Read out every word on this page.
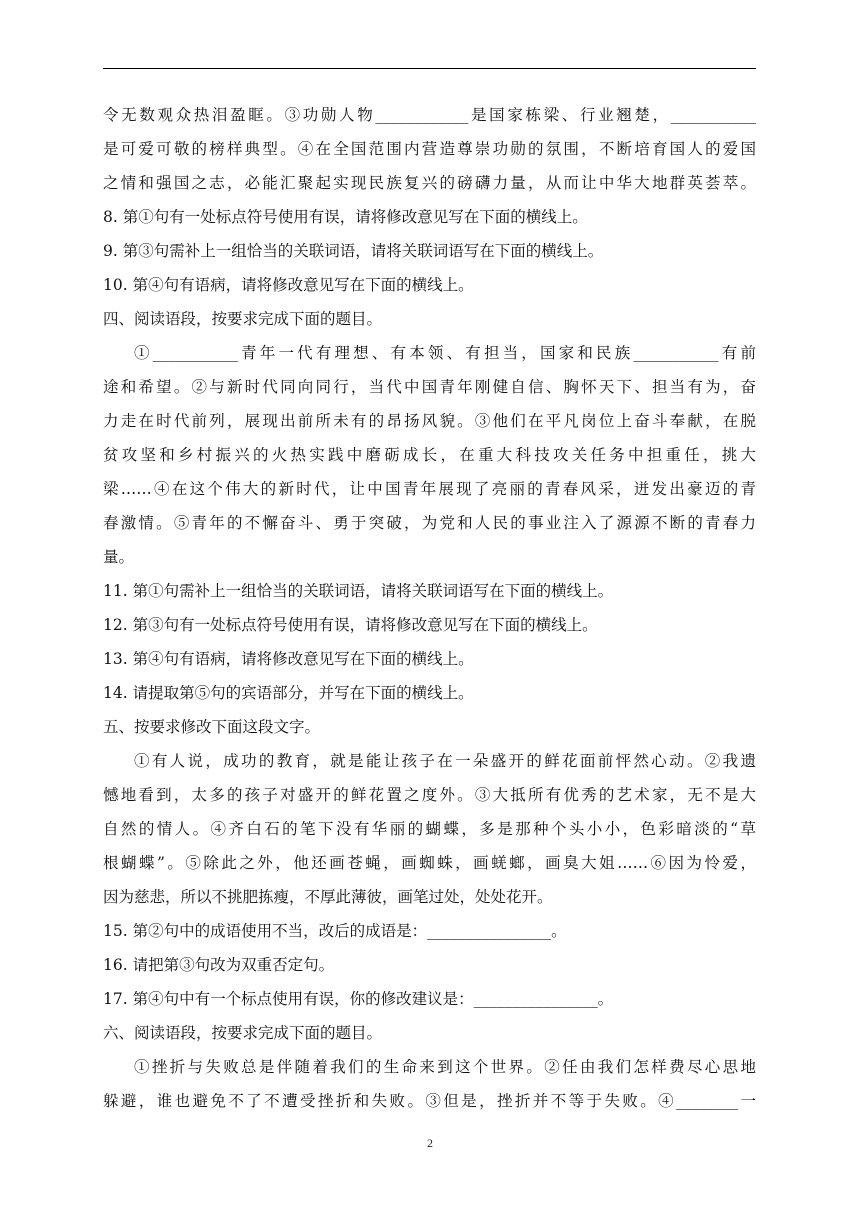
令无数观众热泪盈眶。③功勋人物____________是国家栋梁、行业翘楚，___________
是可爱可敬的榜样典型。④在全国范围内营造尊崇功勋的氛围，不断培育国人的爱国
之情和强国之志，必能汇聚起实现民族复兴的磅礴力量，从而让中华大地群英荟萃。
8. 第①句有一处标点符号使用有误，请将修改意见写在下面的横线上。
9. 第③句需补上一组恰当的关联词语，请将关联词语写在下面的横线上。
10. 第④句有语病，请将修改意见写在下面的横线上。
四、阅读语段，按要求完成下面的题目。
①___________青年一代有理想、有本领、有担当，国家和民族___________有前
途和希望。②与新时代同向同行，当代中国青年刚健自信、胸怀天下、担当有为，奋
力走在时代前列，展现出前所未有的昂扬风貌。③他们在平凡岗位上奋斗奉献，在脱
贫攻坚和乡村振兴的火热实践中磨砺成长，在重大科技攻关任务中担重任，挑大
梁……④在这个伟大的新时代，让中国青年展现了亮丽的青春风采，迸发出豪迈的青
春激情。⑤青年的不懈奋斗、勇于突破，为党和人民的事业注入了源源不断的青春力
量。
11. 第①句需补上一组恰当的关联词语，请将关联词语写在下面的横线上。
12. 第③句有一处标点符号使用有误，请将修改意见写在下面的横线上。
13. 第④句有语病，请将修改意见写在下面的横线上。
14. 请提取第⑤句的宾语部分，并写在下面的横线上。
五、按要求修改下面这段文字。
①有人说，成功的教育，就是能让孩子在一朵盛开的鲜花面前怦然心动。②我遗
憾地看到，太多的孩子对盛开的鲜花置之度外。③大抵所有优秀的艺术家，无不是大
自然的情人。④齐白石的笔下没有华丽的蝴蝶，多是那种个头小小，色彩暗淡的“草
根蝴蝶”。⑤除此之外，他还画苍蝇，画蜘蛛，画蜣螂，画臭大姐……⑥因为怜爱，
因为慈悲，所以不挑肥拣瘦，不厚此薄彼，画笔过处，处处花开。
15. 第②句中的成语使用不当，改后的成语是：________________。
16. 请把第③句改为双重否定句。
17. 第④句中有一个标点使用有误，你的修改建议是：________________。
六、阅读语段，按要求完成下面的题目。
①挫折与失败总是伴随着我们的生命来到这个世界。②任由我们怎样费尽心思地
躲避，谁也避免不了不遭受挫折和失败。③但是，挫折并不等于失败。④________一
2
